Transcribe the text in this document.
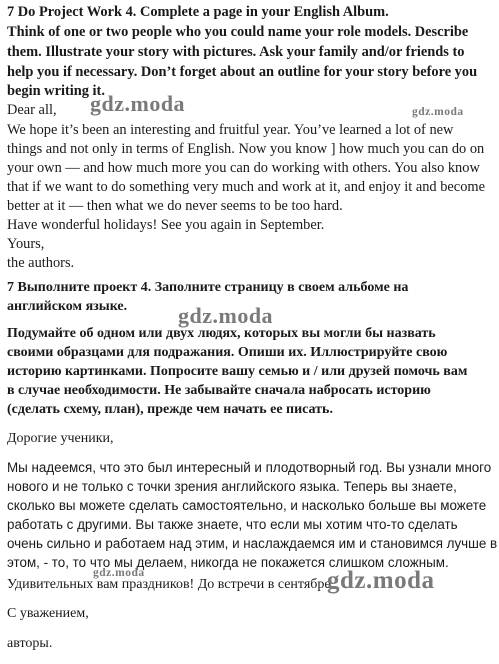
7 Do Project Work 4. Complete a page in your English Album.
Think of one or two people who you could name your role models. Describe
them. Illustrate your story with pictures. Ask your family and/or friends to
help you if necessary. Don’t forget about an outline for your story before you
begin writing it.
Dear all,
We hope it’s been an interesting and fruitful year. You’ve learned a lot of new
things and not only in terms of English. Now you know ] how much you can do on
your own — and how much more you can do working with others. You also know
that if we want to do something very much and work at it, and enjoy it and become
better at it — then what we do never seems to be too hard.
Have wonderful holidays! See you again in September.
Yours,
the authors.
7 Выполните проект 4. Заполните страницу в своем альбоме на
английском языке.
Подумайте об одном или двух людях, которых вы могли бы назвать
своими образцами для подражания. Опиши их. Иллюстрируйте свою
историю картинками. Попросите вашу семью и / или друзей помочь вам
в случае необходимости. Не забывайте сначала набросать историю
(сделать схему, план), прежде чем начать ее писать.
Дорогие ученики,
Мы надеемся, что это был интересный и плодотворный год. Вы узнали много
нового и не только с точки зрения английского языка. Теперь вы знаете,
сколько вы можете сделать самостоятельно, и насколько больше вы можете
работать с другими. Вы также знаете, что если мы хотим что-то сделать
очень сильно и работаем над этим, и наслаждаемся им и становимся лучше в
этом, - то, то что мы делаем, никогда не покажется слишком сложным.
Удивительных вам праздников! До встречи в сентябре.
С уважением,
авторы.
gdz.moda	gdz.moda
gdz.moda
gdz.moda	gdz.moda
